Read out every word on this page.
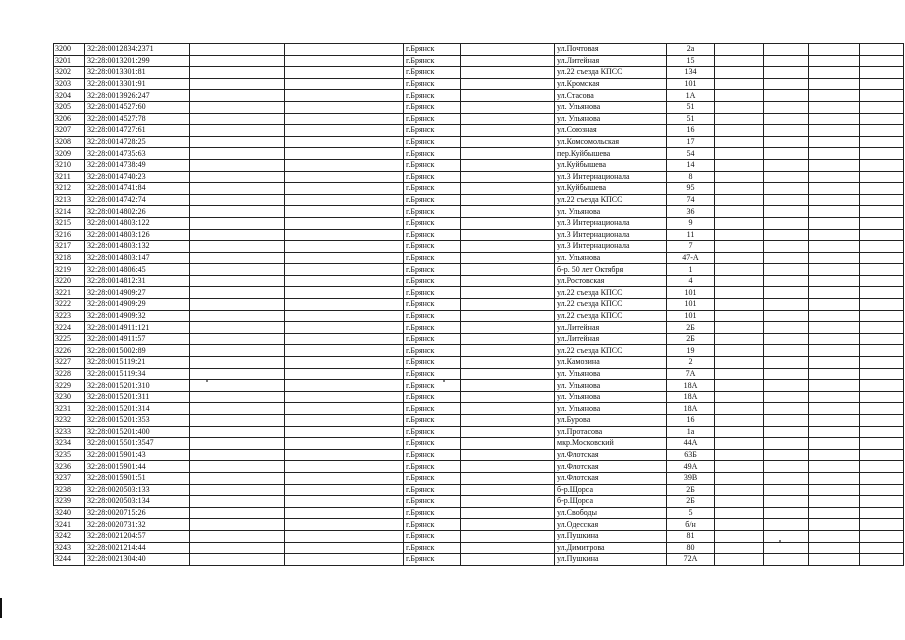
3200	32:28:0012834:2371			г.Брянск		ул.Почтовая	2а				
3201	32:28:0013201:299			г.Брянск		ул.Литейная	15				
3202	32:28:0013301:81			г.Брянск		ул.22 съезда КПСС	134				
3203	32:28:0013301:91			г.Брянск		ул.Кромская	101				
3204	32:28:0013926:247			г.Брянск		ул.Стасова	1А				
3205	32:28:0014527:60			г.Брянск		ул. Ульянова	51				
3206	32:28:0014527:78			г.Брянск		ул. Ульянова	51				
3207	32:28:0014727:61			г.Брянск		ул.Союзная	16				
3208	32:28:0014728:25			г.Брянск		ул.Комсомольская	17				
3209	32:28:0014735:63			г.Брянск		пер.Куйбышева	54				
3210	32:28:0014738:49			г.Брянск		ул.Куйбышева	14				
3211	32:28:0014740:23			г.Брянск		ул.3 Интернационала	8				
3212	32:28:0014741:84			г.Брянск		ул.Куйбышева	95				
3213	32:28:0014742:74			г.Брянск		ул.22 съезда КПСС	74				
3214	32:28:0014802:26			г.Брянск		ул. Ульянова	36				
3215	32:28:0014803:122			г.Брянск		ул.3 Интернационала	9				
3216	32:28:0014803:126			г.Брянск		ул.3 Интернационала	11				
3217	32:28:0014803:132			г.Брянск		ул.3 Интернационала	7				
3218	32:28:0014803:147			г.Брянск		ул. Ульянова	47-А				
3219	32:28:0014806:45			г.Брянск		б-р. 50 лет Октября	1				
3220	32:28:0014812:31			г.Брянск		ул.Ростовская	4				
3221	32:28:0014909:27			г.Брянск		ул.22 съезда КПСС	101				
3222	32:28:0014909:29			г.Брянск		ул.22 съезда КПСС	101				
3223	32:28:0014909:32			г.Брянск		ул.22 съезда КПСС	101				
3224	32:28:0014911:121			г.Брянск		ул.Литейная	2Б				
3225	32:28:0014911:57			г.Брянск		ул.Литейная	2Б				
3226	32:28:0015002:89			г.Брянск		ул.22 съезда КПСС	19				
3227	32:28:0015119:21			г.Брянск		ул.Камозина	2				
3228	32:28:0015119:34			г.Брянск		ул. Ульянова	7А				
3229	32:28:0015201:310			г.Брянск		ул. Ульянова	18А				
3230	32:28:0015201:311			г.Брянск		ул. Ульянова	18А				
3231	32:28:0015201:314			г.Брянск		ул. Ульянова	18А				
3232	32:28:0015201:353			г.Брянск		ул.Бурова	16				
3233	32:28:0015201:400			г.Брянск		ул.Протасова	1а				
3234	32:28:0015501:3547			г.Брянск		мкр.Московский	44А				
3235	32:28:0015901:43			г.Брянск		ул.Флотская	63Б				
3236	32:28:0015901:44			г.Брянск		ул.Флотская	49А				
3237	32:28:0015901:51			г.Брянск		ул.Флотская	39В				
3238	32:28:0020503:133			г.Брянск		б-р.Щорса	2Б				
3239	32:28:0020503:134			г.Брянск		б-р.Щорса	2Б				
3240	32:28:0020715:26			г.Брянск		ул.Свободы	5				
3241	32:28:0020731:32			г.Брянск		ул.Одесская	б/н				
3242	32:28:0021204:57			г.Брянск		ул.Пушкина	81				
3243	32:28:0021214:44			г.Брянск		ул.Димитрова	80				
3244	32:28:0021304:40			г.Брянск		ул.Пушкина	72А				
